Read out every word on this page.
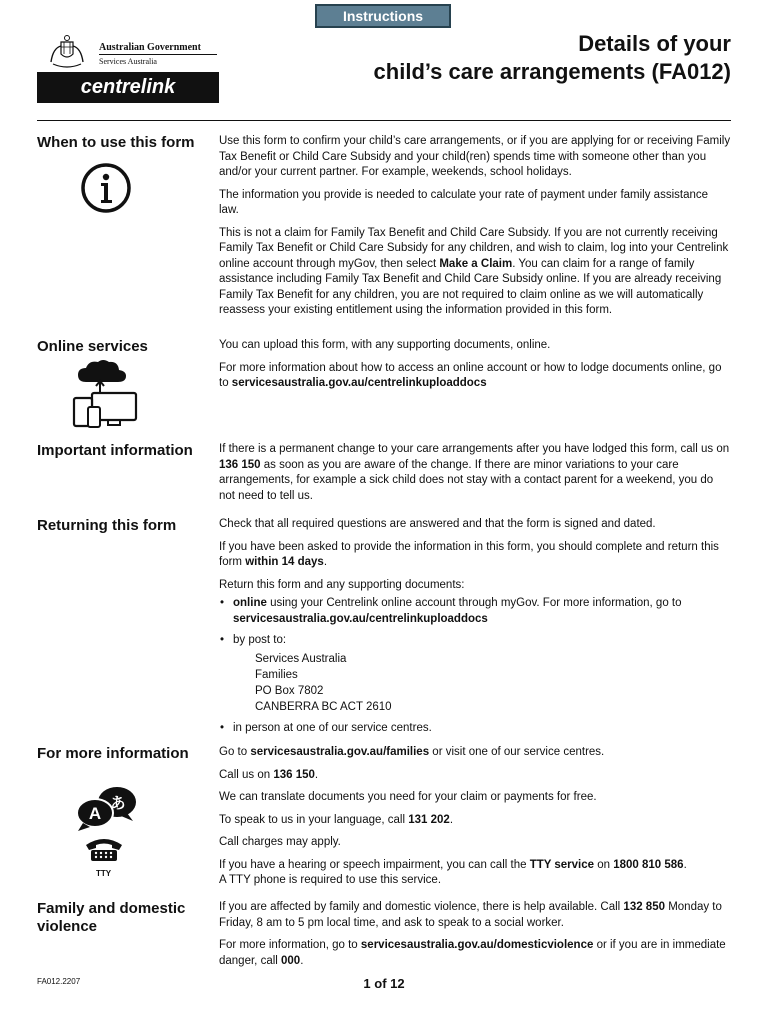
Instructions
Australian Government
Services Australia
centrelink
Details of your
child’s care arrangements (FA012)
When to use this form	Use this form to confirm your child’s care arrangements, or if you are applying for or receiving Family Tax Benefit or Child Care Subsidy and your child(ren) spends time with someone other than you and/or your current partner. For example, weekends, school holidays.

The information you provide is needed to calculate your rate of payment under family assistance law.

This is not a claim for Family Tax Benefit and Child Care Subsidy. If you are not currently receiving Family Tax Benefit or Child Care Subsidy for any children, and wish to claim, log into your Centrelink online account through myGov, then select Make a Claim. You can claim for a range of family assistance including Family Tax Benefit and Child Care Subsidy online. If you are already receiving Family Tax Benefit for any children, you are not required to claim online as we will automatically reassess your existing entitlement using the information provided in this form.

Online services	You can upload this form, with any supporting documents, online.

For more information about how to access an online account or how to lodge documents online, go to servicesaustralia.gov.au/centrelinkuploaddocs

Important information	If there is a permanent change to your care arrangements after you have lodged this form, call us on 136 150 as soon as you are aware of the change. If there are minor variations to your care arrangements, for example a sick child does not stay with a contact parent for a weekend, you do not need to tell us.

Returning this form	Check that all required questions are answered and that the form is signed and dated.

If you have been asked to provide the information in this form, you should complete and return this form within 14 days.

Return this form and any supporting documents:

• online using your Centrelink online account through myGov. For more information, go to
servicesaustralia.gov.au/centrelinkuploaddocs
• by post to:
Services Australia
Families
PO Box 7802
CANBERRA BC ACT 2610
• in person at one of our service centres.
For more information
A
あ
TTY

Go to servicesaustralia.gov.au/families or visit one of our service centres.

Call us on 136 150.

We can translate documents you need for your claim or payments for free.

To speak to us in your language, call 131 202.

Call charges may apply.

If you have a hearing or speech impairment, you can call the TTY service on 1800 810 586.

A TTY phone is required to use this service.

Family and domestic violence

If you are affected by family and domestic violence, there is help available. Call 132 850 Monday to Friday, 8 am to 5 pm local time, and ask to speak to a social worker.

For more information, go to servicesaustralia.gov.au/domesticviolence or if you are in immediate danger, call 000.

FA012.2207	1 of 12
